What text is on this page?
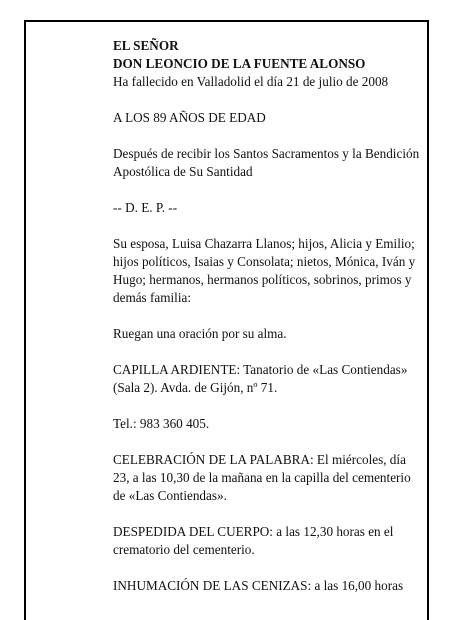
EL SEÑOR
DON LEONCIO DE LA FUENTE ALONSO
Ha fallecido en Valladolid el día 21 de julio de 2008

A LOS 89 AÑOS DE EDAD

Después de recibir los Santos Sacramentos y la Bendición Apostólica de Su Santidad

-- D. E. P. --

Su esposa, Luisa Chazarra Llanos; hijos, Alicia y Emilio; hijos políticos, Isaias y Consolata; nietos, Mónica, Iván y Hugo; hermanos, hermanos políticos, sobrinos, primos y demás familia:

Ruegan una oración por su alma.

CAPILLA ARDIENTE: Tanatorio de «Las Contiendas» (Sala 2). Avda. de Gijón, nº 71.

Tel.: 983 360 405.

CELEBRACIÓN DE LA PALABRA: El miércoles, día 23, a las 10,30 de la mañana en la capilla del cementerio de «Las Contiendas».

DESPEDIDA DEL CUERPO: a las 12,30 horas en el crematorio del cementerio.

INHUMACIÓN DE LAS CENIZAS: a las 16,00 horas
